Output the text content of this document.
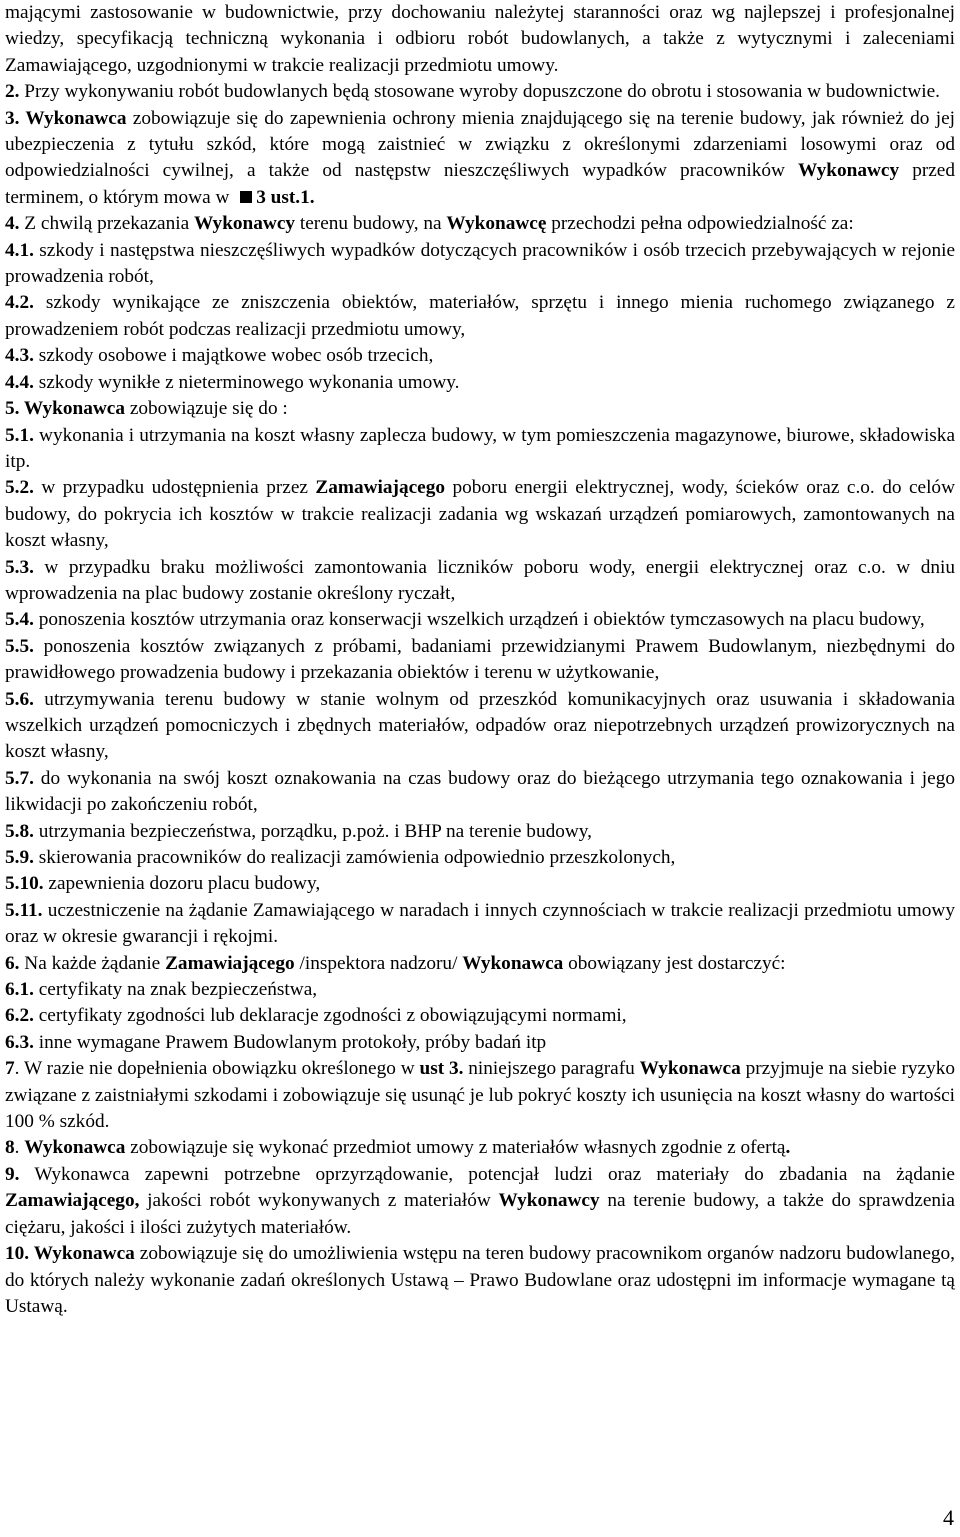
mającymi zastosowanie w budownictwie, przy dochowaniu należytej staranności oraz wg najlepszej i profesjonalnej wiedzy, specyfikacją techniczną wykonania i odbioru robót budowlanych, a także z wytycznymi i zaleceniami Zamawiającego, uzgodnionymi w trakcie realizacji przedmiotu umowy.

2. Przy wykonywaniu robót budowlanych będą stosowane wyroby dopuszczone do obrotu i stosowania w budownictwie.

3. Wykonawca zobowiązuje się do zapewnienia ochrony mienia znajdującego się na terenie budowy, jak również do jej ubezpieczenia z tytułu szkód, które mogą zaistnieć w związku z określonymi zdarzeniami losowymi oraz od odpowiedzialności cywilnej, a także od następstw nieszczęśliwych wypadków pracowników Wykonawcy przed terminem, o którym mowa w 3 ust.1.

4. Z chwilą przekazania Wykonawcy terenu budowy, na Wykonawcę przechodzi pełna odpowiedzialność za:

4.1. szkody i następstwa nieszczęśliwych wypadków dotyczących pracowników i osób trzecich przebywających w rejonie prowadzenia robót,

4.2. szkody wynikające ze zniszczenia obiektów, materiałów, sprzętu i innego mienia ruchomego związanego z prowadzeniem robót podczas realizacji przedmiotu umowy,

4.3. szkody osobowe i majątkowe wobec osób trzecich,

4.4. szkody wynikłe z nieterminowego wykonania umowy.

5. Wykonawca zobowiązuje się do :

5.1. wykonania i utrzymania na koszt własny zaplecza budowy, w tym pomieszczenia magazynowe, biurowe, składowiska itp.

5.2. w przypadku udostępnienia przez Zamawiającego poboru energii elektrycznej, wody, ścieków oraz c.o. do celów budowy, do pokrycia ich kosztów w trakcie realizacji zadania wg wskazań urządzeń pomiarowych, zamontowanych na koszt własny,

5.3. w przypadku braku możliwości zamontowania liczników poboru wody, energii elektrycznej oraz c.o. w dniu wprowadzenia na plac budowy zostanie określony ryczałt,

5.4. ponoszenia kosztów utrzymania oraz konserwacji wszelkich urządzeń i obiektów tymczasowych na placu budowy,

5.5. ponoszenia kosztów związanych z próbami, badaniami przewidzianymi Prawem Budowlanym, niezbędnymi do prawidłowego prowadzenia budowy i przekazania obiektów i terenu w użytkowanie,

5.6. utrzymywania terenu budowy w stanie wolnym od przeszkód komunikacyjnych oraz usuwania i składowania wszelkich urządzeń pomocniczych i zbędnych materiałów, odpadów oraz niepotrzebnych urządzeń prowizorycznych na koszt własny,

5.7. do wykonania na swój koszt oznakowania na czas budowy oraz do bieżącego utrzymania tego oznakowania i jego likwidacji po zakończeniu robót,

5.8. utrzymania bezpieczeństwa, porządku, p.poż. i BHP na terenie budowy,

5.9. skierowania pracowników do realizacji zamówienia odpowiednio przeszkolonych,

5.10. zapewnienia dozoru placu budowy,

5.11. uczestniczenie na żądanie Zamawiającego w naradach i innych czynnościach w trakcie realizacji przedmiotu umowy oraz w okresie gwarancji i rękojmi.

6. Na każde żądanie Zamawiającego /inspektora nadzoru/ Wykonawca obowiązany jest dostarczyć:

6.1. certyfikaty na znak bezpieczeństwa,

6.2. certyfikaty zgodności lub deklaracje zgodności z obowiązującymi normami,

6.3. inne wymagane Prawem Budowlanym protokoły, próby badań itp

7. W razie nie dopełnienia obowiązku określonego w ust 3. niniejszego paragrafu Wykonawca przyjmuje na siebie ryzyko związane z zaistniałymi szkodami i zobowiązuje się usunąć je lub pokryć koszty ich usunięcia na koszt własny do wartości 100 % szkód.

8. Wykonawca zobowiązuje się wykonać przedmiot umowy z materiałów własnych zgodnie z ofertą.

9. Wykonawca zapewni potrzebne oprzyrządowanie, potencjał ludzi oraz materiały do zbadania na żądanie Zamawiającego, jakości robót wykonywanych z materiałów Wykonawcy na terenie budowy, a także do sprawdzenia ciężaru, jakości i ilości zużytych materiałów.

10. Wykonawca zobowiązuje się do umożliwienia wstępu na teren budowy pracownikom organów nadzoru budowlanego, do których należy wykonanie zadań określonych Ustawą – Prawo Budowlane oraz udostępni im informacje wymagane tą Ustawą.

4
